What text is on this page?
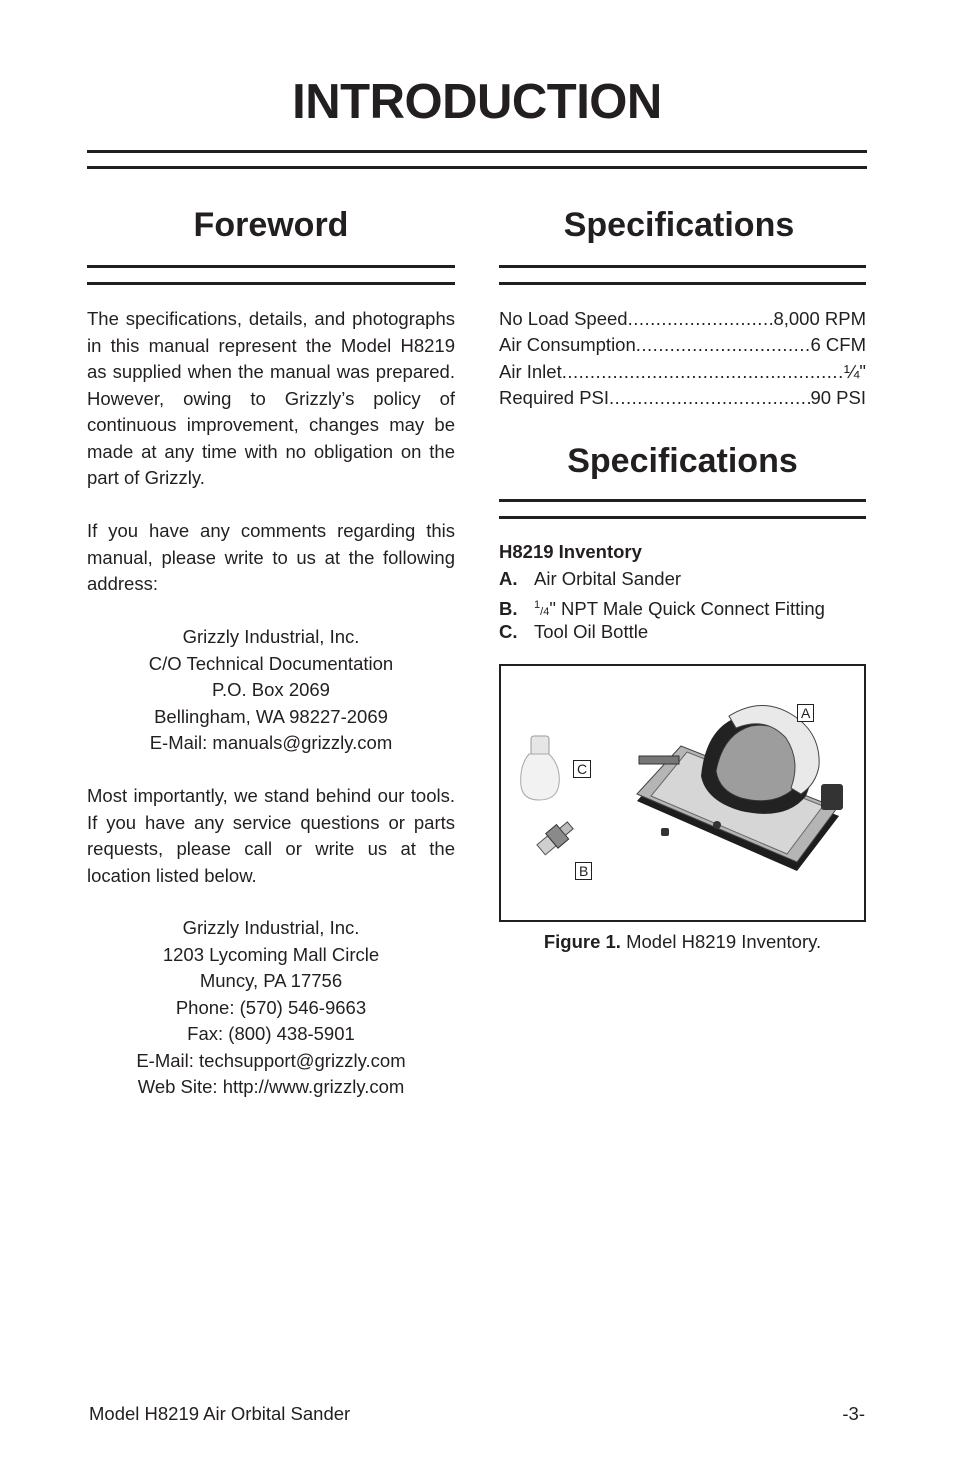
INTRODUCTION
Foreword

The specifications, details, and photographs in this manual represent the Model H8219 as supplied when the manual was prepared. However, owing to Grizzly’s policy of continuous improvement, changes may be made at any time with no obligation on the part of Grizzly.

If you have any comments regarding this manual, please write to us at the following address:

Grizzly Industrial, Inc.
C/O Technical Documentation
P.O. Box 2069
Bellingham, WA 98227-2069
E-Mail: manuals@grizzly.com

Most importantly, we stand behind our tools. If you have any service questions or parts requests, please call or write us at the location listed below.

Grizzly Industrial, Inc.
1203 Lycoming Mall Circle
Muncy, PA 17756
Phone: (570) 546-9663
Fax: (800) 438-5901
E-Mail: techsupport@grizzly.com
Web Site: http://www.grizzly.com
Specifications
No Load Speed .....	8,000 RPM
Air Consumption .....	6 CFM
Air Inlet .....	¼"
Required PSI .....	90 PSI
Specifications
H8219 Inventory
A. Air Orbital Sander
B. $^1$/4" NPT Male Quick Connect Fitting
C. Tool Oil Bottle
A
C
B
Figure 1. Model H8219 Inventory.
Model H8219 Air Orbital Sander	-3-
